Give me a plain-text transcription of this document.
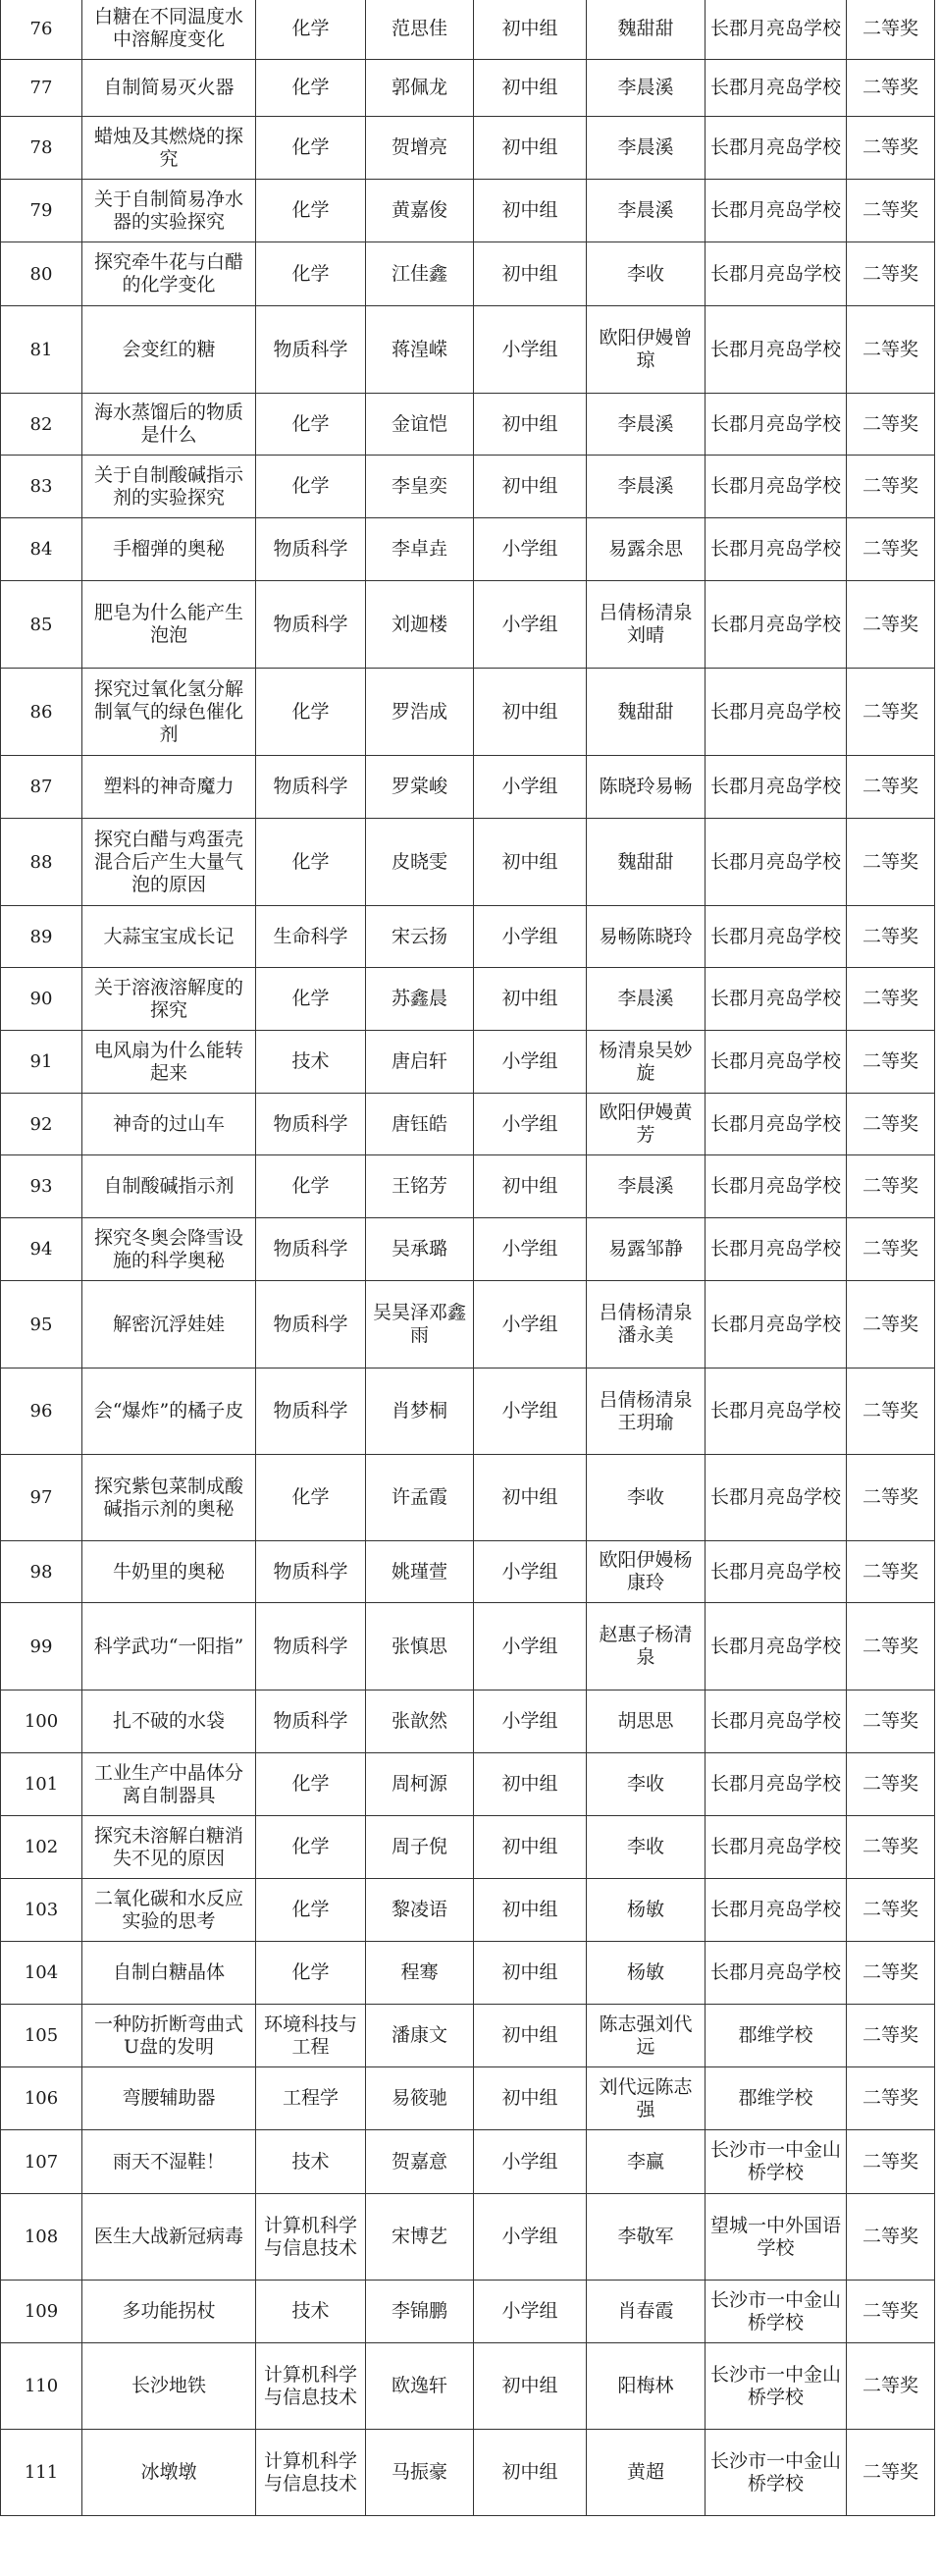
76	白糖在不同温度水中溶解度变化	化学	范思佳	初中组	魏甜甜	长郡月亮岛学校	二等奖
77	自制简易灭火器	化学	郭佩龙	初中组	李晨溪	长郡月亮岛学校	二等奖
78	蜡烛及其燃烧的探究	化学	贺增亮	初中组	李晨溪	长郡月亮岛学校	二等奖
79	关于自制简易净水器的实验探究	化学	黄嘉俊	初中组	李晨溪	长郡月亮岛学校	二等奖
80	探究牵牛花与白醋的化学变化	化学	江佳鑫	初中组	李收	长郡月亮岛学校	二等奖
81	会变红的糖	物质科学	蒋湟嵘	小学组	欧阳伊嫚曾琼	长郡月亮岛学校	二等奖
82	海水蒸馏后的物质是什么	化学	金谊恺	初中组	李晨溪	长郡月亮岛学校	二等奖
83	关于自制酸碱指示剂的实验探究	化学	李皇奕	初中组	李晨溪	长郡月亮岛学校	二等奖
84	手榴弹的奥秘	物质科学	李卓垚	小学组	易露余思	长郡月亮岛学校	二等奖
85	肥皂为什么能产生泡泡	物质科学	刘迦楼	小学组	吕倩杨清泉刘晴	长郡月亮岛学校	二等奖
86	探究过氧化氢分解制氧气的绿色催化剂	化学	罗浩成	初中组	魏甜甜	长郡月亮岛学校	二等奖
87	塑料的神奇魔力	物质科学	罗棠峻	小学组	陈晓玲易畅	长郡月亮岛学校	二等奖
88	探究白醋与鸡蛋壳混合后产生大量气泡的原因	化学	皮晓雯	初中组	魏甜甜	长郡月亮岛学校	二等奖
89	大蒜宝宝成长记	生命科学	宋云扬	小学组	易畅陈晓玲	长郡月亮岛学校	二等奖
90	关于溶液溶解度的探究	化学	苏鑫晨	初中组	李晨溪	长郡月亮岛学校	二等奖
91	电风扇为什么能转起来	技术	唐启轩	小学组	杨清泉吴妙旋	长郡月亮岛学校	二等奖
92	神奇的过山车	物质科学	唐钰皓	小学组	欧阳伊嫚黄芳	长郡月亮岛学校	二等奖
93	自制酸碱指示剂	化学	王铭芳	初中组	李晨溪	长郡月亮岛学校	二等奖
94	探究冬奥会降雪设施的科学奥秘	物质科学	吴承璐	小学组	易露邹静	长郡月亮岛学校	二等奖
95	解密沉浮娃娃	物质科学	吴昊泽邓鑫雨	小学组	吕倩杨清泉潘永美	长郡月亮岛学校	二等奖
96	会“爆炸”的橘子皮	物质科学	肖梦桐	小学组	吕倩杨清泉王玥瑜	长郡月亮岛学校	二等奖
97	探究紫包菜制成酸碱指示剂的奥秘	化学	许孟霞	初中组	李收	长郡月亮岛学校	二等奖
98	牛奶里的奥秘	物质科学	姚瑾萱	小学组	欧阳伊嫚杨康玲	长郡月亮岛学校	二等奖
99	科学武功“一阳指”	物质科学	张慎思	小学组	赵惠子杨清泉	长郡月亮岛学校	二等奖
100	扎不破的水袋	物质科学	张歆然	小学组	胡思思	长郡月亮岛学校	二等奖
101	工业生产中晶体分离自制器具	化学	周柯源	初中组	李收	长郡月亮岛学校	二等奖
102	探究未溶解白糖消失不见的原因	化学	周子倪	初中组	李收	长郡月亮岛学校	二等奖
103	二氧化碳和水反应实验的思考	化学	黎凌语	初中组	杨敏	长郡月亮岛学校	二等奖
104	自制白糖晶体	化学	程骞	初中组	杨敏	长郡月亮岛学校	二等奖
105	一种防折断弯曲式U盘的发明	环境科技与工程	潘康文	初中组	陈志强刘代远	郡维学校	二等奖
106	弯腰辅助器	工程学	易筱驰	初中组	刘代远陈志强	郡维学校	二等奖
107	雨天不湿鞋！	技术	贺嘉意	小学组	李赢	长沙市一中金山桥学校	二等奖
108	医生大战新冠病毒	计算机科学与信息技术	宋博艺	小学组	李敬军	望城一中外国语学校	二等奖
109	多功能拐杖	技术	李锦鹏	小学组	肖春霞	长沙市一中金山桥学校	二等奖
110	长沙地铁	计算机科学与信息技术	欧逸轩	初中组	阳梅林	长沙市一中金山桥学校	二等奖
111	冰墩墩	计算机科学与信息技术	马振豪	初中组	黄超	长沙市一中金山桥学校	二等奖
